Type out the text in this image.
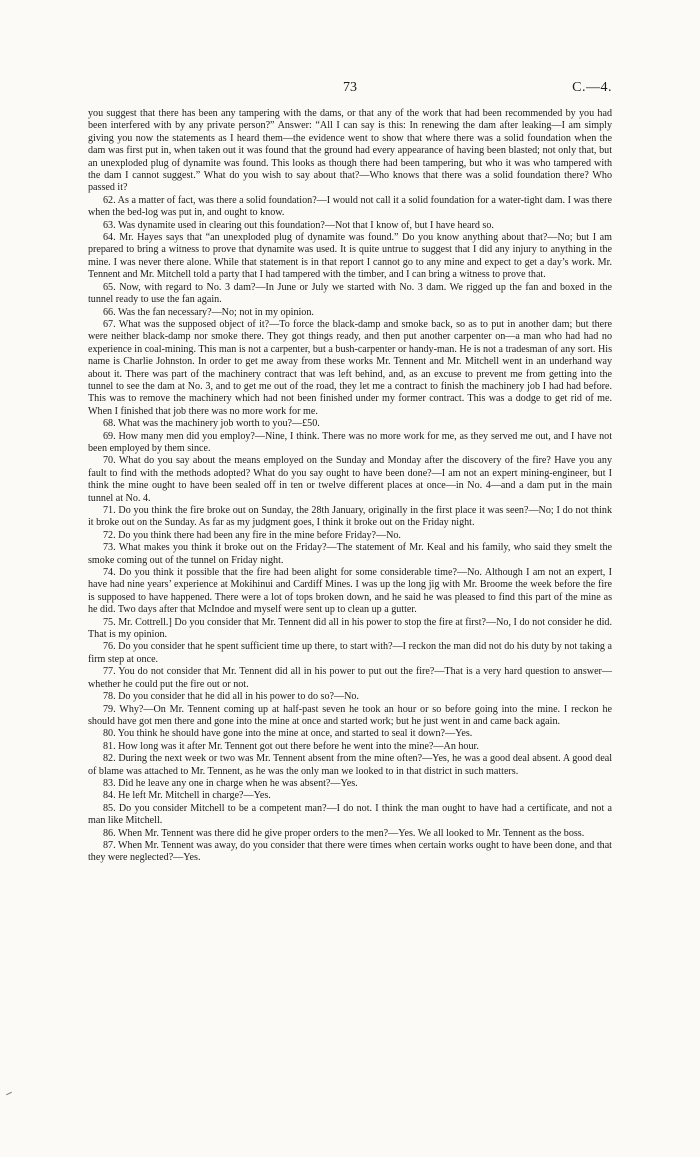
73	C.—4.

you suggest that there has been any tampering with the dams, or that any of the work that had been recommended by you had been interfered with by any private person?” Answer: “All I can say is this: In renewing the dam after leaking—I am simply giving you now the statements as I heard them—the evidence went to show that where there was a solid foundation when the dam was first put in, when taken out it was found that the ground had every appearance of having been blasted; not only that, but an unexploded plug of dynamite was found. This looks as though there had been tampering, but who it was who tampered with the dam I cannot suggest.” What do you wish to say about that?—Who knows that there was a solid foundation there? Who passed it?

62. As a matter of fact, was there a solid foundation?—I would not call it a solid foundation for a water-tight dam. I was there when the bed-log was put in, and ought to know.

63. Was dynamite used in clearing out this foundation?—Not that I know of, but I have heard so.

64. Mr. Hayes says that “an unexploded plug of dynamite was found.” Do you know anything about that?—No; but I am prepared to bring a witness to prove that dynamite was used. It is quite untrue to suggest that I did any injury to anything in the mine. I was never there alone. While that statement is in that report I cannot go to any mine and expect to get a day’s work. Mr. Tennent and Mr. Mitchell told a party that I had tampered with the timber, and I can bring a witness to prove that.

65. Now, with regard to No. 3 dam?—In June or July we started with No. 3 dam. We rigged up the fan and boxed in the tunnel ready to use the fan again.

66. Was the fan necessary?—No; not in my opinion.

67. What was the supposed object of it?—To force the black-damp and smoke back, so as to put in another dam; but there were neither black-damp nor smoke there. They got things ready, and then put another carpenter on—a man who had had no experience in coal-mining. This man is not a carpenter, but a bush-carpenter or handy-man. He is not a tradesman of any sort. His name is Charlie Johnston. In order to get me away from these works Mr. Tennent and Mr. Mitchell went in an underhand way about it. There was part of the machinery contract that was left behind, and, as an excuse to prevent me from getting into the tunnel to see the dam at No. 3, and to get me out of the road, they let me a contract to finish the machinery job I had had before. This was to remove the machinery which had not been finished under my former contract. This was a dodge to get rid of me. When I finished that job there was no more work for me.

68. What was the machinery job worth to you?—£50.

69. How many men did you employ?—Nine, I think. There was no more work for me, as they served me out, and I have not been employed by them since.

70. What do you say about the means employed on the Sunday and Monday after the discovery of the fire? Have you any fault to find with the methods adopted? What do you say ought to have been done?—I am not an expert mining-engineer, but I think the mine ought to have been sealed off in ten or twelve different places at once—in No. 4—and a dam put in the main tunnel at No. 4.

71. Do you think the fire broke out on Sunday, the 28th January, originally in the first place it was seen?—No; I do not think it broke out on the Sunday. As far as my judgment goes, I think it broke out on the Friday night.

72. Do you think there had been any fire in the mine before Friday?—No.

73. What makes you think it broke out on the Friday?—The statement of Mr. Keal and his family, who said they smelt the smoke coming out of the tunnel on Friday night.

74. Do you think it possible that the fire had been alight for some considerable time?—No. Although I am not an expert, I have had nine years’ experience at Mokihinui and Cardiff Mines. I was up the long jig with Mr. Broome the week before the fire is supposed to have happened. There were a lot of tops broken down, and he said he was pleased to find this part of the mine as he did. Two days after that McIndoe and myself were sent up to clean up a gutter.

75. Mr. Cottrell.] Do you consider that Mr. Tennent did all in his power to stop the fire at first?—No, I do not consider he did. That is my opinion.

76. Do you consider that he spent sufficient time up there, to start with?—I reckon the man did not do his duty by not taking a firm step at once.

77. You do not consider that Mr. Tennent did all in his power to put out the fire?—That is a very hard question to answer—whether he could put the fire out or not.

78. Do you consider that he did all in his power to do so?—No.

79. Why?—On Mr. Tennent coming up at half-past seven he took an hour or so before going into the mine. I reckon he should have got men there and gone into the mine at once and started work; but he just went in and came back again.

80. You think he should have gone into the mine at once, and started to seal it down?—Yes.

81. How long was it after Mr. Tennent got out there before he went into the mine?—An hour.

82. During the next week or two was Mr. Tennent absent from the mine often?—Yes, he was a good deal absent. A good deal of blame was attached to Mr. Tennent, as he was the only man we looked to in that district in such matters.

83. Did he leave any one in charge when he was absent?—Yes.

84. He left Mr. Mitchell in charge?—Yes.

85. Do you consider Mitchell to be a competent man?—I do not. I think the man ought to have had a certificate, and not a man like Mitchell.

86. When Mr. Tennent was there did he give proper orders to the men?—Yes. We all looked to Mr. Tennent as the boss.

87. When Mr. Tennent was away, do you consider that there were times when certain works ought to have been done, and that they were neglected?—Yes.
